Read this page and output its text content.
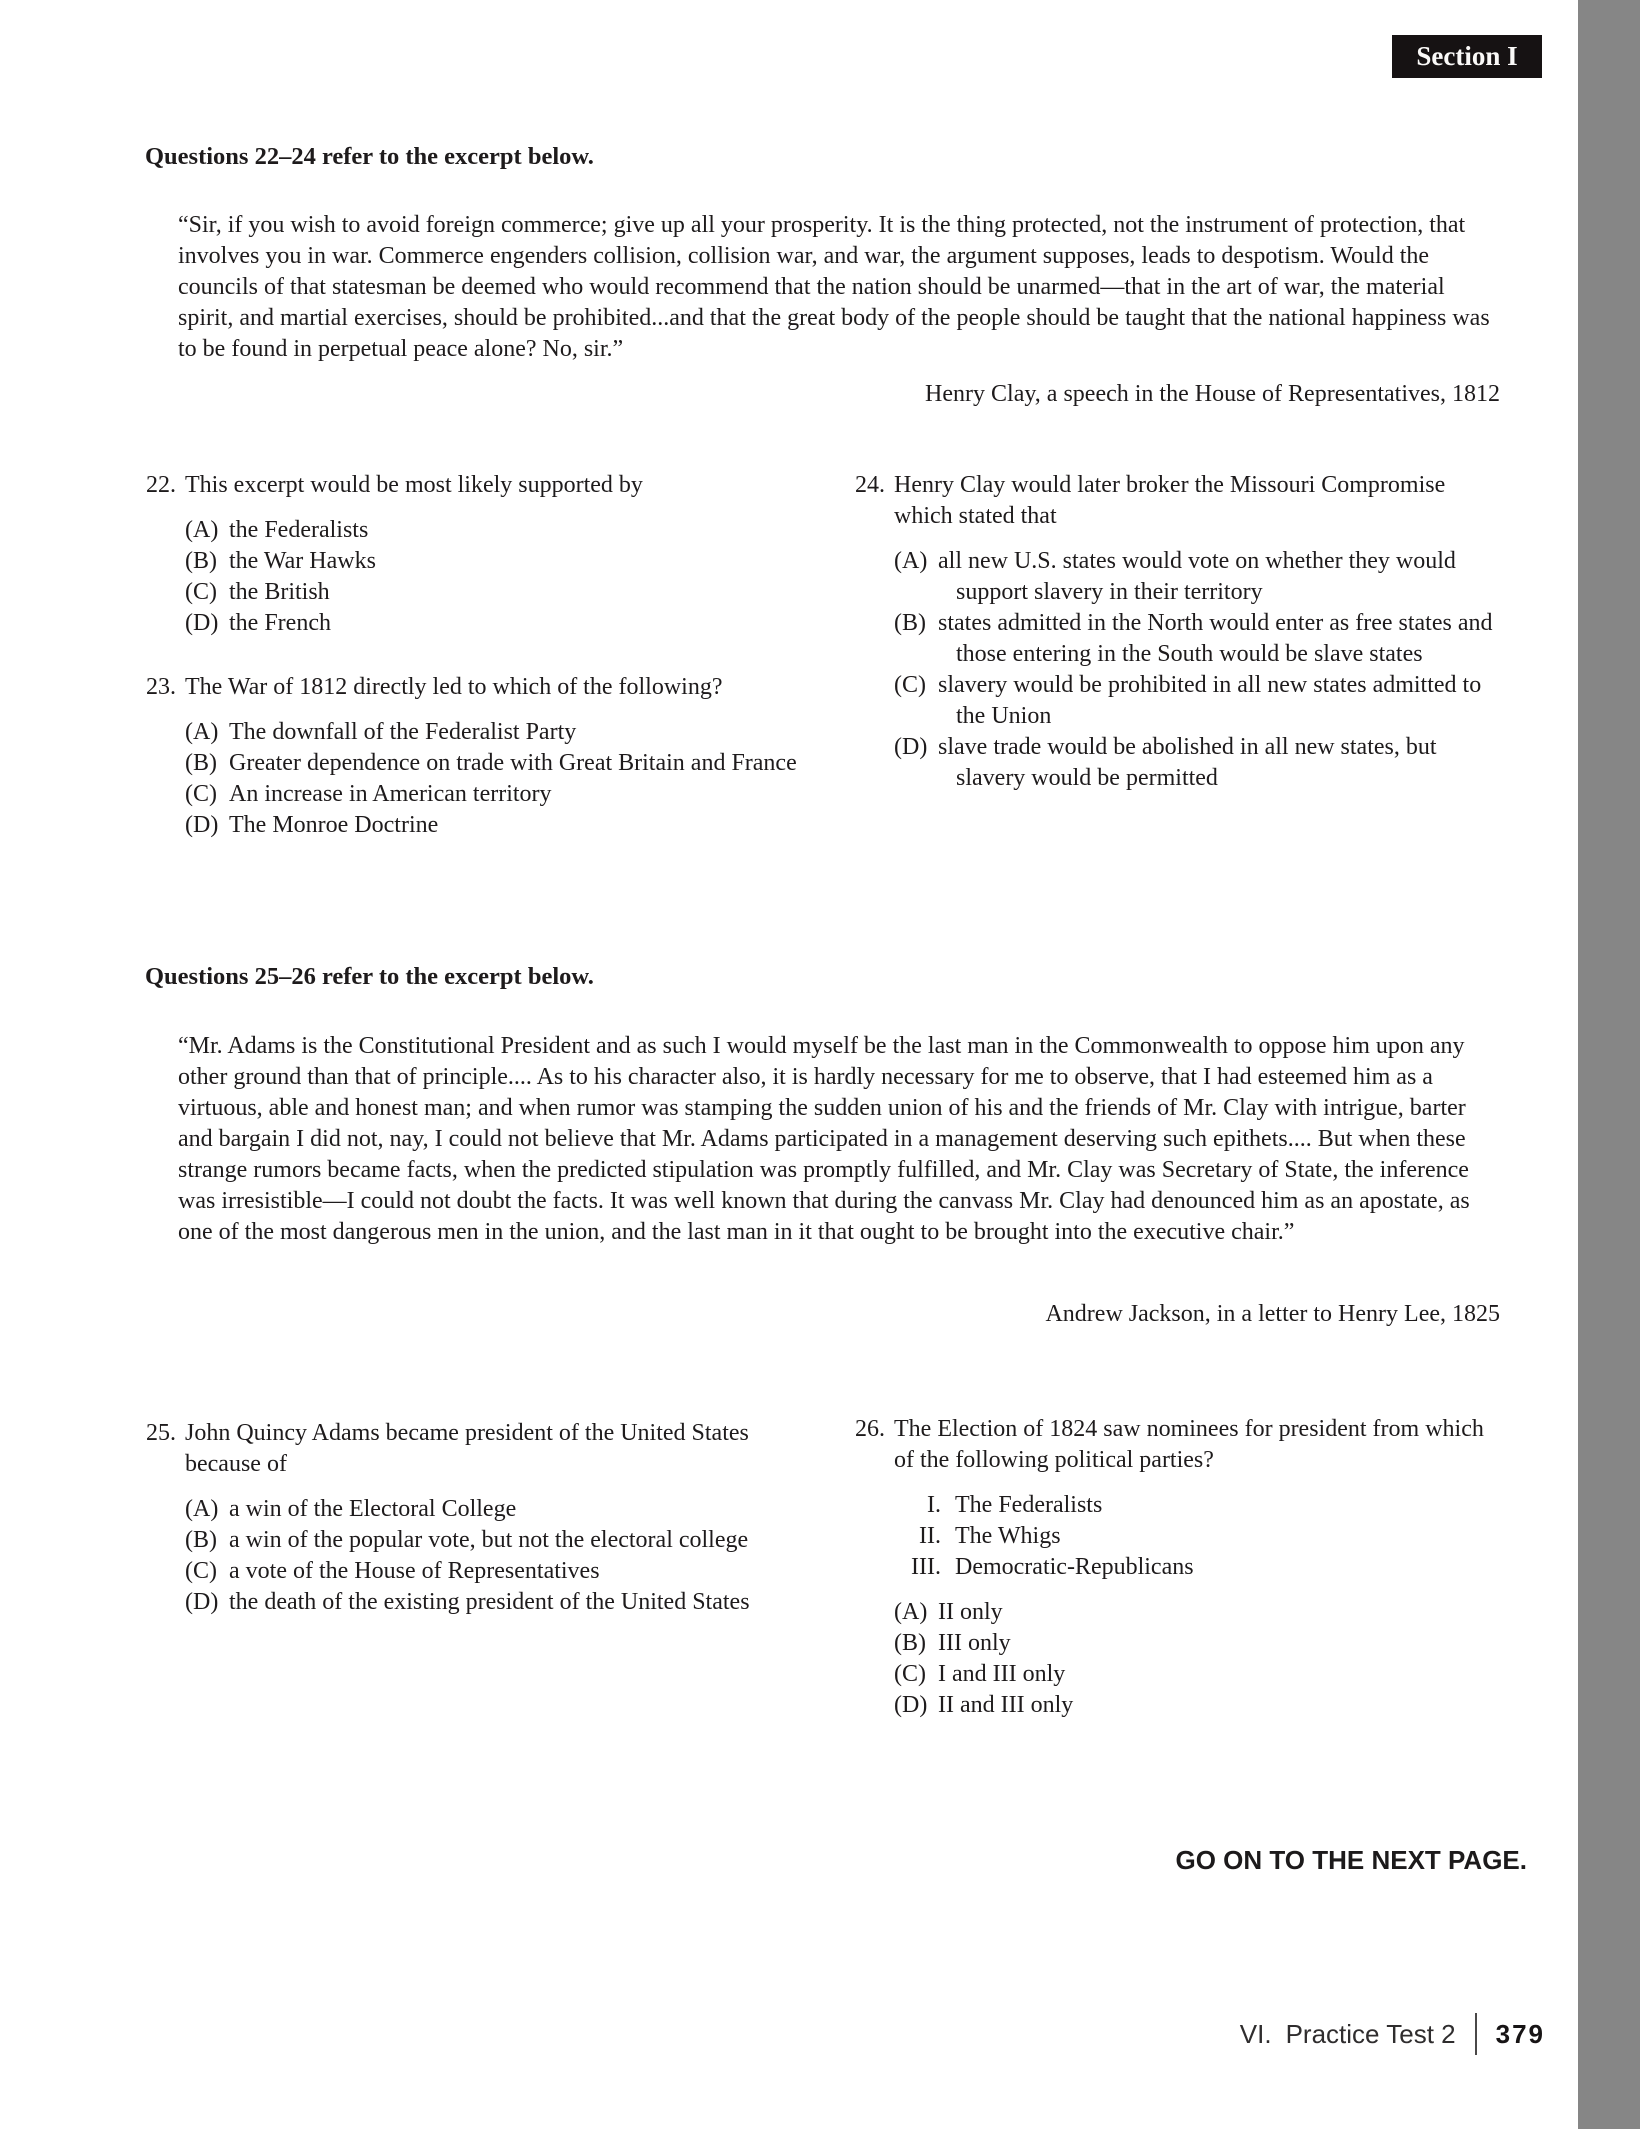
Section I
Questions 22–24 refer to the excerpt below.
“Sir, if you wish to avoid foreign commerce; give up all your prosperity. It is the thing protected, not the instrument of protection, that involves you in war. Commerce engenders collision, collision war, and war, the argument supposes, leads to despotism. Would the councils of that statesman be deemed who would recommend that the nation should be unarmed—that in the art of war, the material spirit, and martial exercises, should be prohibited...and that the great body of the people should be taught that the national happiness was to be found in perpetual peace alone? No, sir.”
Henry Clay, a speech in the House of Representatives, 1812
22. This excerpt would be most likely supported by
(A) the Federalists
(B) the War Hawks
(C) the British
(D) the French
23. The War of 1812 directly led to which of the following?
(A) The downfall of the Federalist Party
(B) Greater dependence on trade with Great Britain and France
(C) An increase in American territory
(D) The Monroe Doctrine
24. Henry Clay would later broker the Missouri Compromise which stated that
(A) all new U.S. states would vote on whether they would support slavery in their territory
(B) states admitted in the North would enter as free states and those entering in the South would be slave states
(C) slavery would be prohibited in all new states admitted to the Union
(D) slave trade would be abolished in all new states, but slavery would be permitted
Questions 25–26 refer to the excerpt below.
“Mr. Adams is the Constitutional President and as such I would myself be the last man in the Commonwealth to oppose him upon any other ground than that of principle.... As to his character also, it is hardly necessary for me to observe, that I had esteemed him as a virtuous, able and honest man; and when rumor was stamping the sudden union of his and the friends of Mr. Clay with intrigue, barter and bargain I did not, nay, I could not believe that Mr. Adams participated in a management deserving such epithets.... But when these strange rumors became facts, when the predicted stipulation was promptly fulfilled, and Mr. Clay was Secretary of State, the inference was irresistible—I could not doubt the facts. It was well known that during the canvass Mr. Clay had denounced him as an apostate, as one of the most dangerous men in the union, and the last man in it that ought to be brought into the executive chair.”
Andrew Jackson, in a letter to Henry Lee, 1825
25. John Quincy Adams became president of the United States because of
(A) a win of the Electoral College
(B) a win of the popular vote, but not the electoral college
(C) a vote of the House of Representatives
(D) the death of the existing president of the United States
26. The Election of 1824 saw nominees for president from which of the following political parties?
I. The Federalists
II. The Whigs
III. Democratic-Republicans
(A) II only
(B) III only
(C) I and III only
(D) II and III only
GO ON TO THE NEXT PAGE.
VI. Practice Test 2 379
